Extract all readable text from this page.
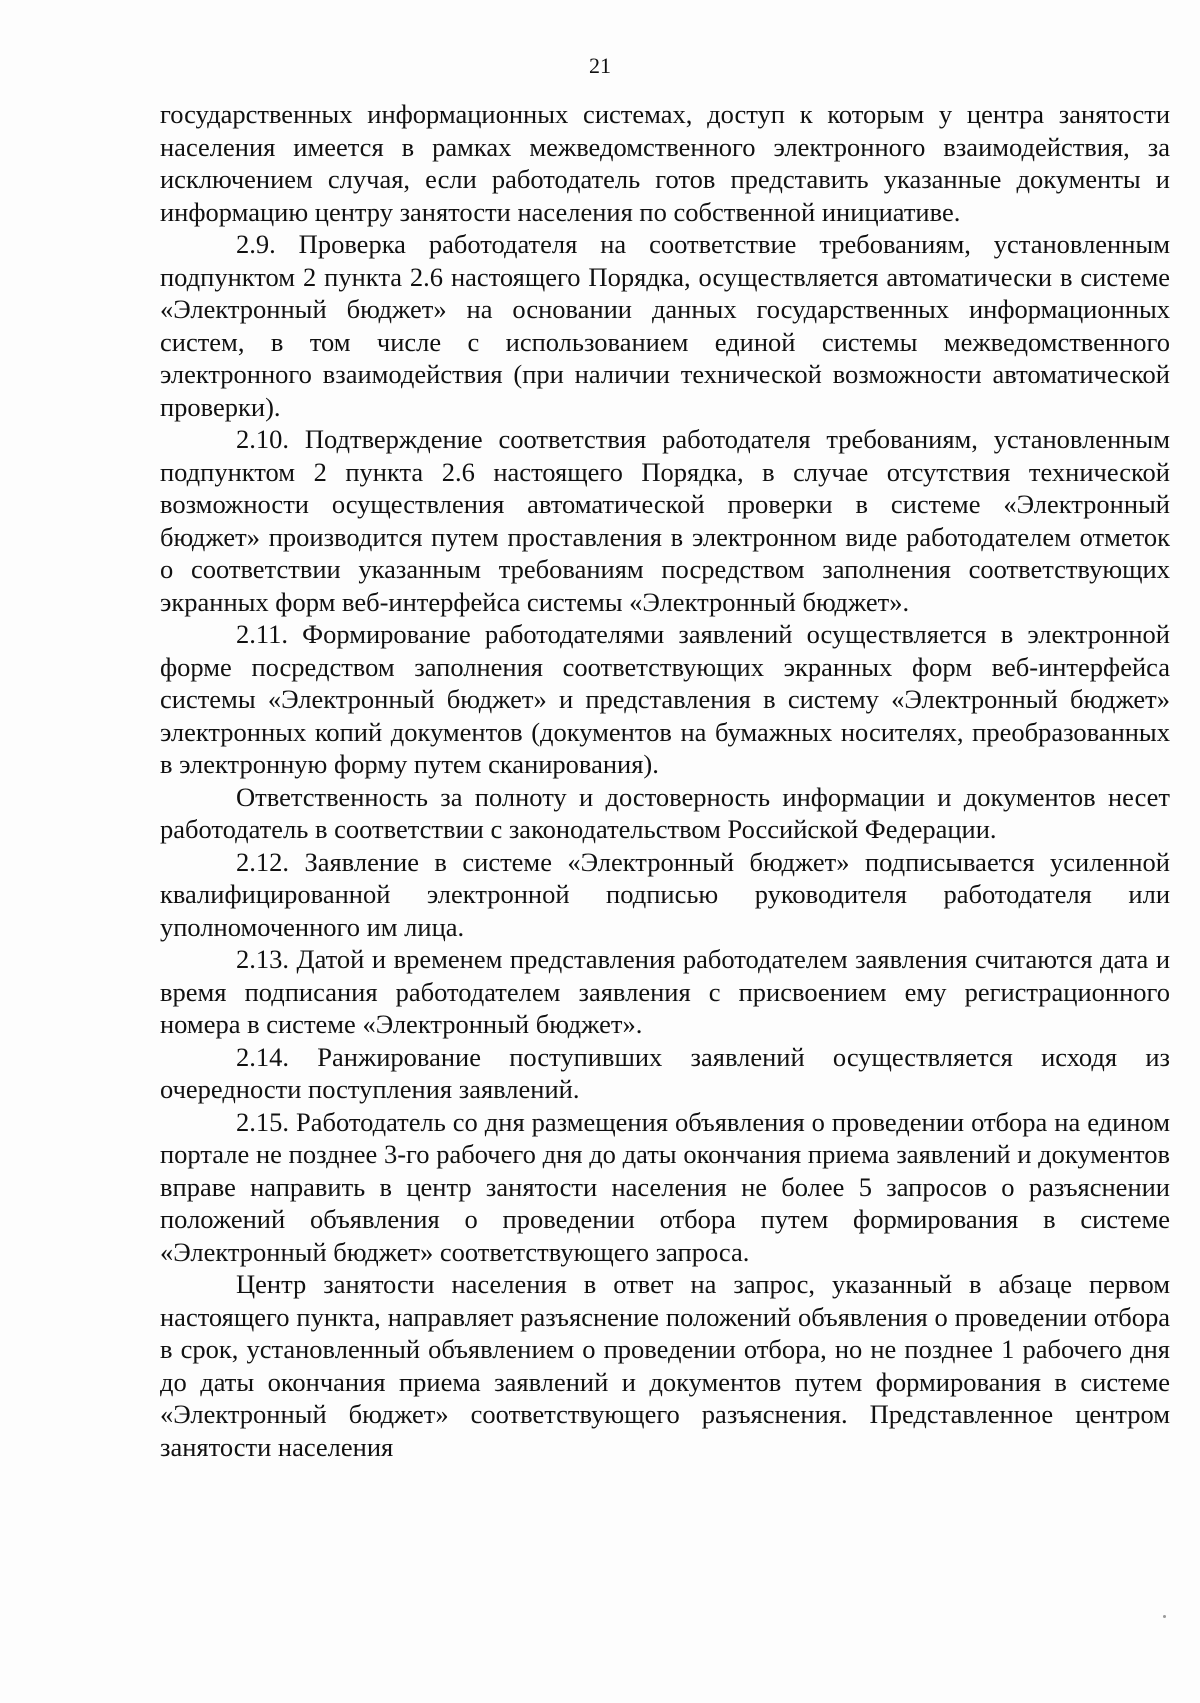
21

государственных информационных системах, доступ к которым у центра занятости населения имеется в рамках межведомственного электронного взаимодействия, за исключением случая, если работодатель готов представить указанные документы и информацию центру занятости населения по собственной инициативе.

2.9. Проверка работодателя на соответствие требованиям, установленным подпунктом 2 пункта 2.6 настоящего Порядка, осуществляется автоматически в системе «Электронный бюджет» на основании данных государственных информационных систем, в том числе с использованием единой системы межведомственного электронного взаимодействия (при наличии технической возможности автоматической проверки).

2.10. Подтверждение соответствия работодателя требованиям, установленным подпунктом 2 пункта 2.6 настоящего Порядка, в случае отсутствия технической возможности осуществления автоматической проверки в системе «Электронный бюджет» производится путем проставления в электронном виде работодателем отметок о соответствии указанным требованиям посредством заполнения соответствующих экранных форм веб-интерфейса системы «Электронный бюджет».

2.11. Формирование работодателями заявлений осуществляется в электронной форме посредством заполнения соответствующих экранных форм веб-интерфейса системы «Электронный бюджет» и представления в систему «Электронный бюджет» электронных копий документов (документов на бумажных носителях, преобразованных в электронную форму путем сканирования).

Ответственность за полноту и достоверность информации и документов несет работодатель в соответствии с законодательством Российской Федерации.

2.12. Заявление в системе «Электронный бюджет» подписывается усиленной квалифицированной электронной подписью руководителя работодателя или уполномоченного им лица.

2.13. Датой и временем представления работодателем заявления считаются дата и время подписания работодателем заявления с присвоением ему регистрационного номера в системе «Электронный бюджет».

2.14. Ранжирование поступивших заявлений осуществляется исходя из очередности поступления заявлений.

2.15. Работодатель со дня размещения объявления о проведении отбора на едином портале не позднее 3-го рабочего дня до даты окончания приема заявлений и документов вправе направить в центр занятости населения не более 5 запросов о разъяснении положений объявления о проведении отбора путем формирования в системе «Электронный бюджет» соответствующего запроса.

Центр занятости населения в ответ на запрос, указанный в абзаце первом настоящего пункта, направляет разъяснение положений объявления о проведении отбора в срок, установленный объявлением о проведении отбора, но не позднее 1 рабочего дня до даты окончания приема заявлений и документов путем формирования в системе «Электронный бюджет» соответствующего разъяснения. Представленное центром занятости населения
